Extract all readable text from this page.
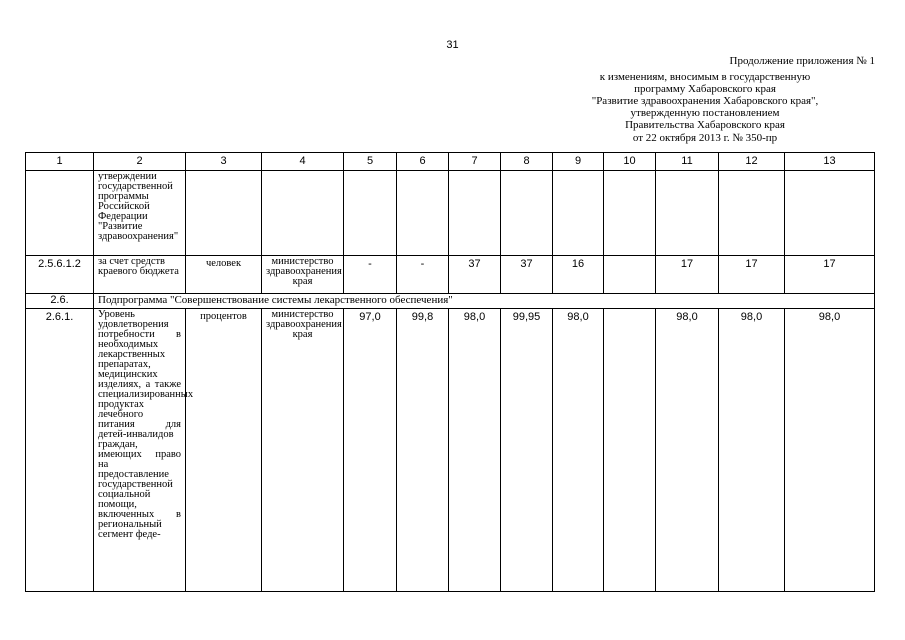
31
Продолжение приложения № 1
к изменениям, вносимым в государственную
программу Хабаровского края
"Развитие здравоохранения Хабаровского края",
утвержденную постановлением
Правительства Хабаровского края
от 22 октября 2013 г. № 350-пр
1	2	3	4	5	6	7	8	9	10	11	12	13
	утверждении государственной программы Российской Федерации "Развитие здравоохранения"											
2.5.6.1.2	за счет средств краевого бюджета	человек	министерство здравоохранения края	-	-	37	37	16		17	17	17
2.6.	Подпрограмма "Совершенствование системы лекарственного обеспечения"											
2.6.1.	Уровень удовлетворения потребности в необходимых лекарственных препаратах, медицинских изделиях, а также специализированных продуктах лечебного питания для детей-инвалидов граждан, имеющих право на предоставление государственной социальной помощи, включенных в региональный сегмент феде-	процентов	министерство здравоохранения края	97,0	99,8	98,0	99,95	98,0		98,0	98,0	98,0
